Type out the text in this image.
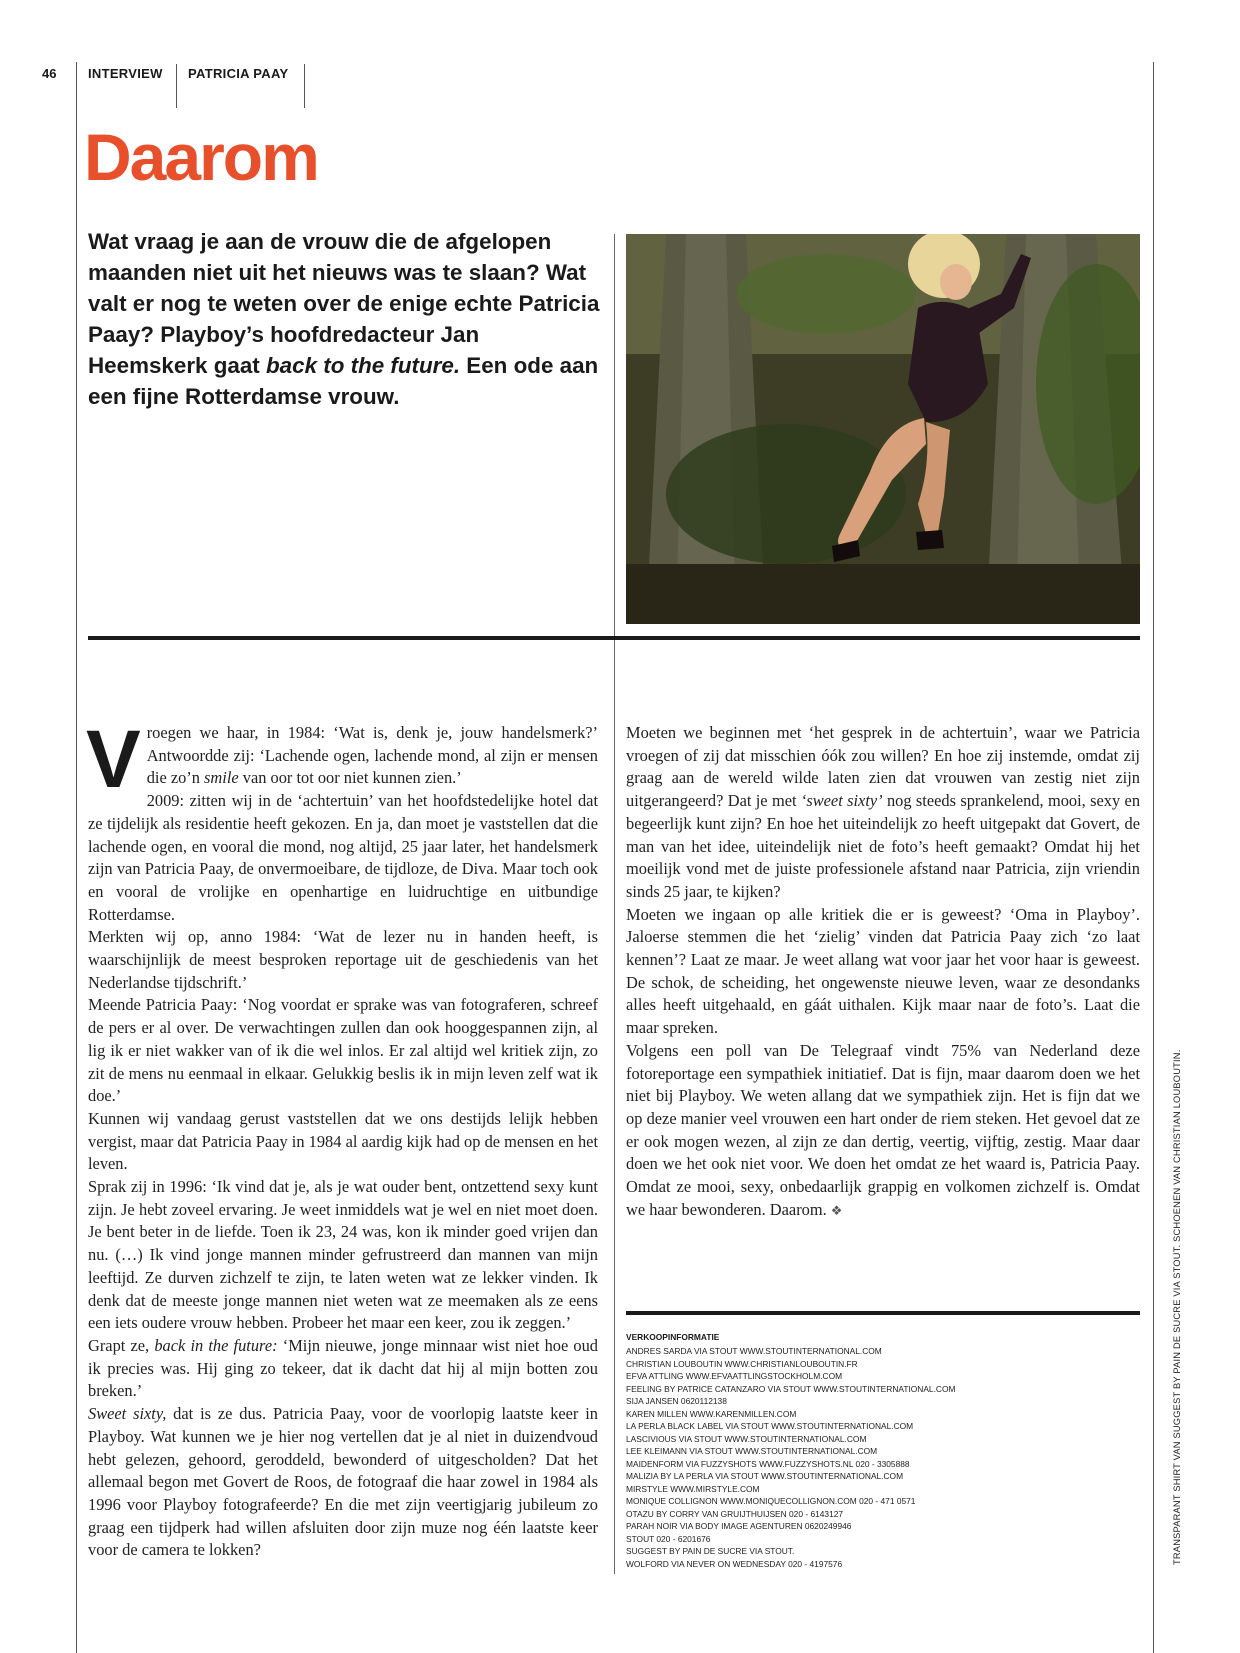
46 INTERVIEW PATRICIA PAAY
Daarom
Wat vraag je aan de vrouw die de afgelopen maanden niet uit het nieuws was te slaan? Wat valt er nog te weten over de enige echte Patricia Paay? Playboy’s hoofdredacteur Jan Heemskerk gaat back to the future. Een ode aan een fijne Rotterdamse vrouw.

Vroegen we haar, in 1984: ‘Wat is, denk je, jouw handelsmerk?’ Antwoordde zij: ‘Lachende ogen, lachende mond, al zijn er mensen die zo’n smile van oor tot oor niet kunnen zien.’

2009: zitten wij in de ‘achtertuin’ van het hoofdstedelijke hotel dat ze tijdelijk als residentie heeft gekozen. En ja, dan moet je vaststellen dat die lachende ogen, en vooral die mond, nog altijd, 25 jaar later, het handelsmerk zijn van Patricia Paay, de onvermoeibare, de tijdloze, de Diva. Maar toch ook en vooral de vrolijke en openhartige en luidruchtige en uitbundige Rotterdamse.

Merkten wij op, anno 1984: ‘Wat de lezer nu in handen heeft, is waarschijnlijk de meest besproken reportage uit de geschiedenis van het Nederlandse tijdschrift.’

Meende Patricia Paay: ‘Nog voordat er sprake was van fotograferen, schreef de pers er al over. De verwachtingen zullen dan ook hooggespannen zijn, al lig ik er niet wakker van of ik die wel inlos. Er zal altijd wel kritiek zijn, zo zit de mens nu eenmaal in elkaar. Gelukkig beslis ik in mijn leven zelf wat ik doe.’

Kunnen wij vandaag gerust vaststellen dat we ons destijds lelijk hebben vergist, maar dat Patricia Paay in 1984 al aardig kijk had op de mensen en het leven.

Sprak zij in 1996: ‘Ik vind dat je, als je wat ouder bent, ontzettend sexy kunt zijn. Je hebt zoveel ervaring. Je weet inmiddels wat je wel en niet moet doen. Je bent beter in de liefde. Toen ik 23, 24 was, kon ik minder goed vrijen dan nu. (…) Ik vind jonge mannen minder gefrustreerd dan mannen van mijn leeftijd. Ze durven zichzelf te zijn, te laten weten wat ze lekker vinden. Ik denk dat de meeste jonge mannen niet weten wat ze meemaken als ze eens een iets oudere vrouw hebben. Probeer het maar een keer, zou ik zeggen.’

Grapt ze, back in the future: ‘Mijn nieuwe, jonge minnaar wist niet hoe oud ik precies was. Hij ging zo tekeer, dat ik dacht dat hij al mijn botten zou breken.’

Sweet sixty, dat is ze dus. Patricia Paay, voor de voorlopig laatste keer in Playboy. Wat kunnen we je hier nog vertellen dat je al niet in duizendvoud hebt gelezen, gehoord, geroddeld, bewonderd of uitgescholden? Dat het allemaal begon met Govert de Roos, de fotograaf die haar zowel in 1984 als 1996 voor Playboy fotografeerde? En die met zijn veertigjarig jubileum zo graag een tijdperk had willen afsluiten door zijn muze nog één laatste keer voor de camera te lokken?

Moeten we beginnen met ‘het gesprek in de achtertuin’, waar we Patricia vroegen of zij dat misschien óók zou willen? En hoe zij instemde, omdat zij graag aan de wereld wilde laten zien dat vrouwen van zestig niet zijn uitgerangeerd? Dat je met ‘sweet sixty’ nog steeds sprankelend, mooi, sexy en begeerlijk kunt zijn? En hoe het uiteindelijk zo heeft uitgepakt dat Govert, de man van het idee, uiteindelijk niet de foto’s heeft gemaakt? Omdat hij het moeilijk vond met de juiste professionele afstand naar Patricia, zijn vriendin sinds 25 jaar, te kijken?

Moeten we ingaan op alle kritiek die er is geweest? ‘Oma in Playboy’. Jaloerse stemmen die het ‘zielig’ vinden dat Patricia Paay zich ‘zo laat kennen’? Laat ze maar. Je weet allang wat voor jaar het voor haar is geweest. De schok, de scheiding, het ongewenste nieuwe leven, waar ze desondanks alles heeft uitgehaald, en gáát uithalen. Kijk maar naar de foto’s. Laat die maar spreken.

Volgens een poll van De Telegraaf vindt 75% van Nederland deze fotoreportage een sympathiek initiatief. Dat is fijn, maar daarom doen we het niet bij Playboy. We weten allang dat we sympathiek zijn. Het is fijn dat we op deze manier veel vrouwen een hart onder de riem steken. Het gevoel dat ze er ook mogen wezen, al zijn ze dan dertig, veertig, vijftig, zestig. Maar daar doen we het ook niet voor. We doen het omdat ze het waard is, Patricia Paay. Omdat ze mooi, sexy, onbedaarlijk grappig en volkomen zichzelf is. Omdat we haar bewonderen. Daarom. ❖

VERKOOPINFORMATIE
ANDRES SARDA VIA STOUT WWW.STOUTINTERNATIONAL.COM
CHRISTIAN LOUBOUTIN WWW.CHRISTIANLOUBOUTIN.FR
EFVA ATTLING WWW.EFVAATTLINGSTOCKHOLM.COM
FEELING BY PATRICE CATANZARO VIA STOUT WWW.STOUTINTERNATIONAL.COM
SIJA JANSEN 0620112138
KAREN MILLEN WWW.KARENMILLEN.COM
LA PERLA BLACK LABEL VIA STOUT WWW.STOUTINTERNATIONAL.COM
LASCIVIOUS VIA STOUT WWW.STOUTINTERNATIONAL.COM
LEE KLEIMANN VIA STOUT WWW.STOUTINTERNATIONAL.COM
MAIDENFORM VIA FUZZYSHOTS WWW.FUZZYSHOTS.NL 020 - 3305888
MALIZIA BY LA PERLA VIA STOUT WWW.STOUTINTERNATIONAL.COM
MIRSTYLE WWW.MIRSTYLE.COM
MONIQUE COLLIGNON WWW.MONIQUECOLLIGNON.COM 020 - 471 0571
OTAZU BY CORRY VAN GRUIJTHUIJSEN 020 - 6143127
PARAH NOIR VIA BODY IMAGE AGENTUREN 0620249946
STOUT 020 - 6201676
SUGGEST BY PAIN DE SUCRE VIA STOUT.
WOLFORD VIA NEVER ON WEDNESDAY 020 - 4197576	TRANSPARANT SHIRT VAN SUGGEST BY PAIN DE SUCRE VIA STOUT. SCHOENEN VAN CHRISTIAN LOUBOUTIN.
